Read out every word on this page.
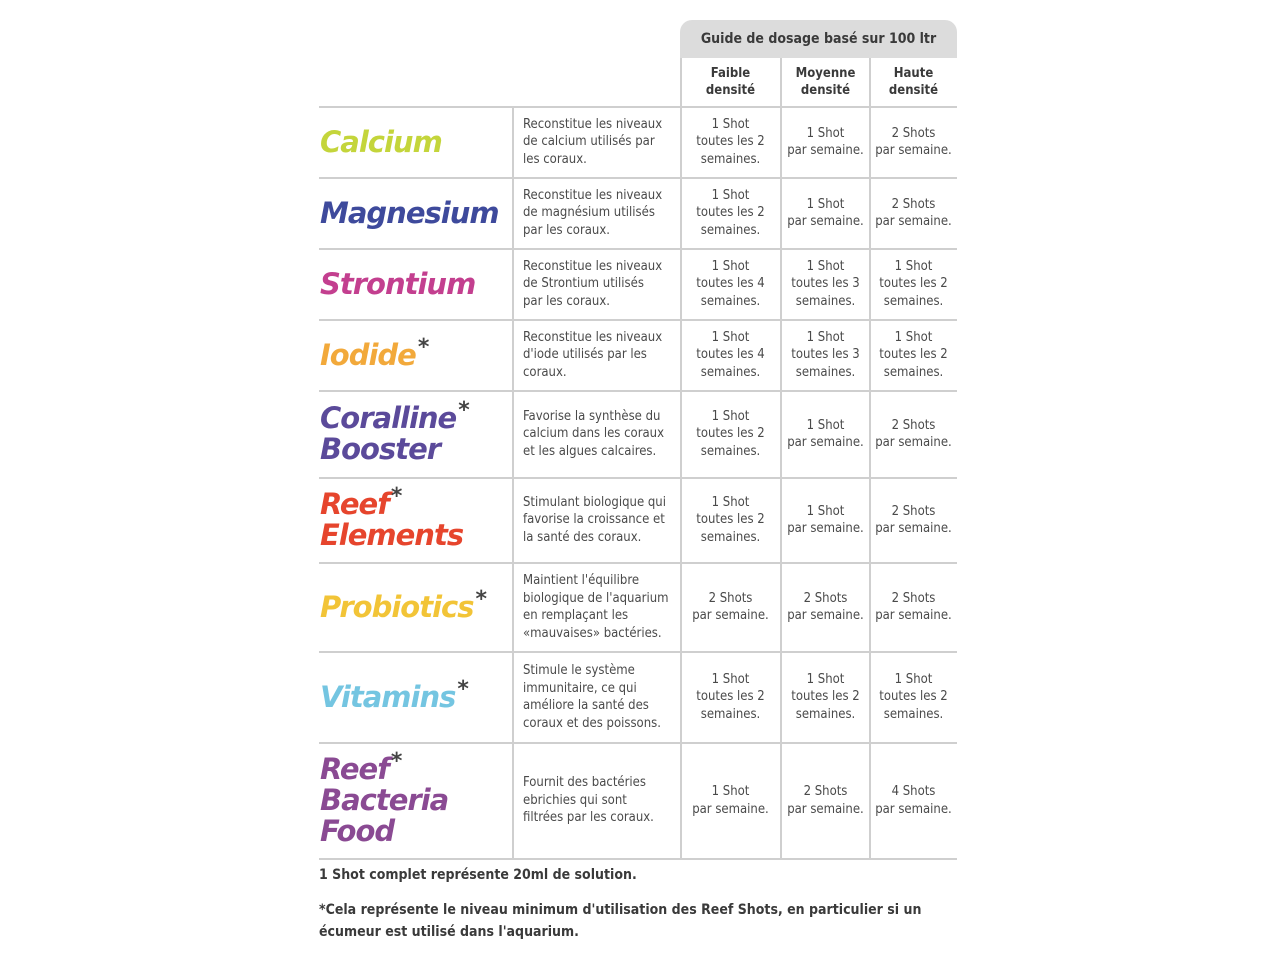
Guide de dosage basé sur 100 ltr
Faible densité
Moyenne densité
Haute densité
Calcium
Reconstitue les niveaux
de calcium utilisés par
les coraux.
1 Shot
toutes les 2
semaines.
1 Shot
par semaine.
2 Shots
par semaine.
Magnesium
Reconstitue les niveaux
de magnésium utilisés
par les coraux.
1 Shot
toutes les 2
semaines.
1 Shot
par semaine.
2 Shots
par semaine.
Strontium
Reconstitue les niveaux
de Strontium utilisés
par les coraux.
1 Shot
toutes les 4
semaines.
1 Shot
toutes les 3
semaines.
1 Shot
toutes les 2
semaines.
Iodide*	Reconstitue les niveaux
d'iode utilisés par les
coraux.
1 Shot
toutes les 4
semaines.
1 Shot
toutes les 3
semaines.
1 Shot
toutes les 2
semaines.
Coralline*
Booster
Favorise la synthèse du
calcium dans les coraux
et les algues calcaires.
1 Shot
toutes les 2
semaines.
1 Shot
par semaine.
2 Shots
par semaine.
Reef*
Elements
Stimulant biologique qui
favorise la croissance et
la santé des coraux.
1 Shot
toutes les 2
semaines.
1 Shot
par semaine.
2 Shots
par semaine.
Probiotics*
Maintient l'équilibre
biologique de l'aquarium
en remplaçant les
«mauvaises» bactéries.
2 Shots
par semaine.
2 Shots
par semaine.
2 Shots
par semaine.
Vitamins*
Stimule le système
immunitaire, ce qui
améliore la santé des
coraux et des poissons.
1 Shot
toutes les 2
semaines.
1 Shot
toutes les 2
semaines.
1 Shot
toutes les 2
semaines.
Reef*
Bacteria
Food
Fournit des bactéries
ebrichies qui sont
filtrées par les coraux.
1 Shot
par semaine.
2 Shots
par semaine.
4 Shots
par semaine.
1 Shot complet représente 20ml de solution.
*Cela représente le niveau minimum d'utilisation des Reef Shots, en particulier si un
écumeur est utilisé dans l'aquarium.
